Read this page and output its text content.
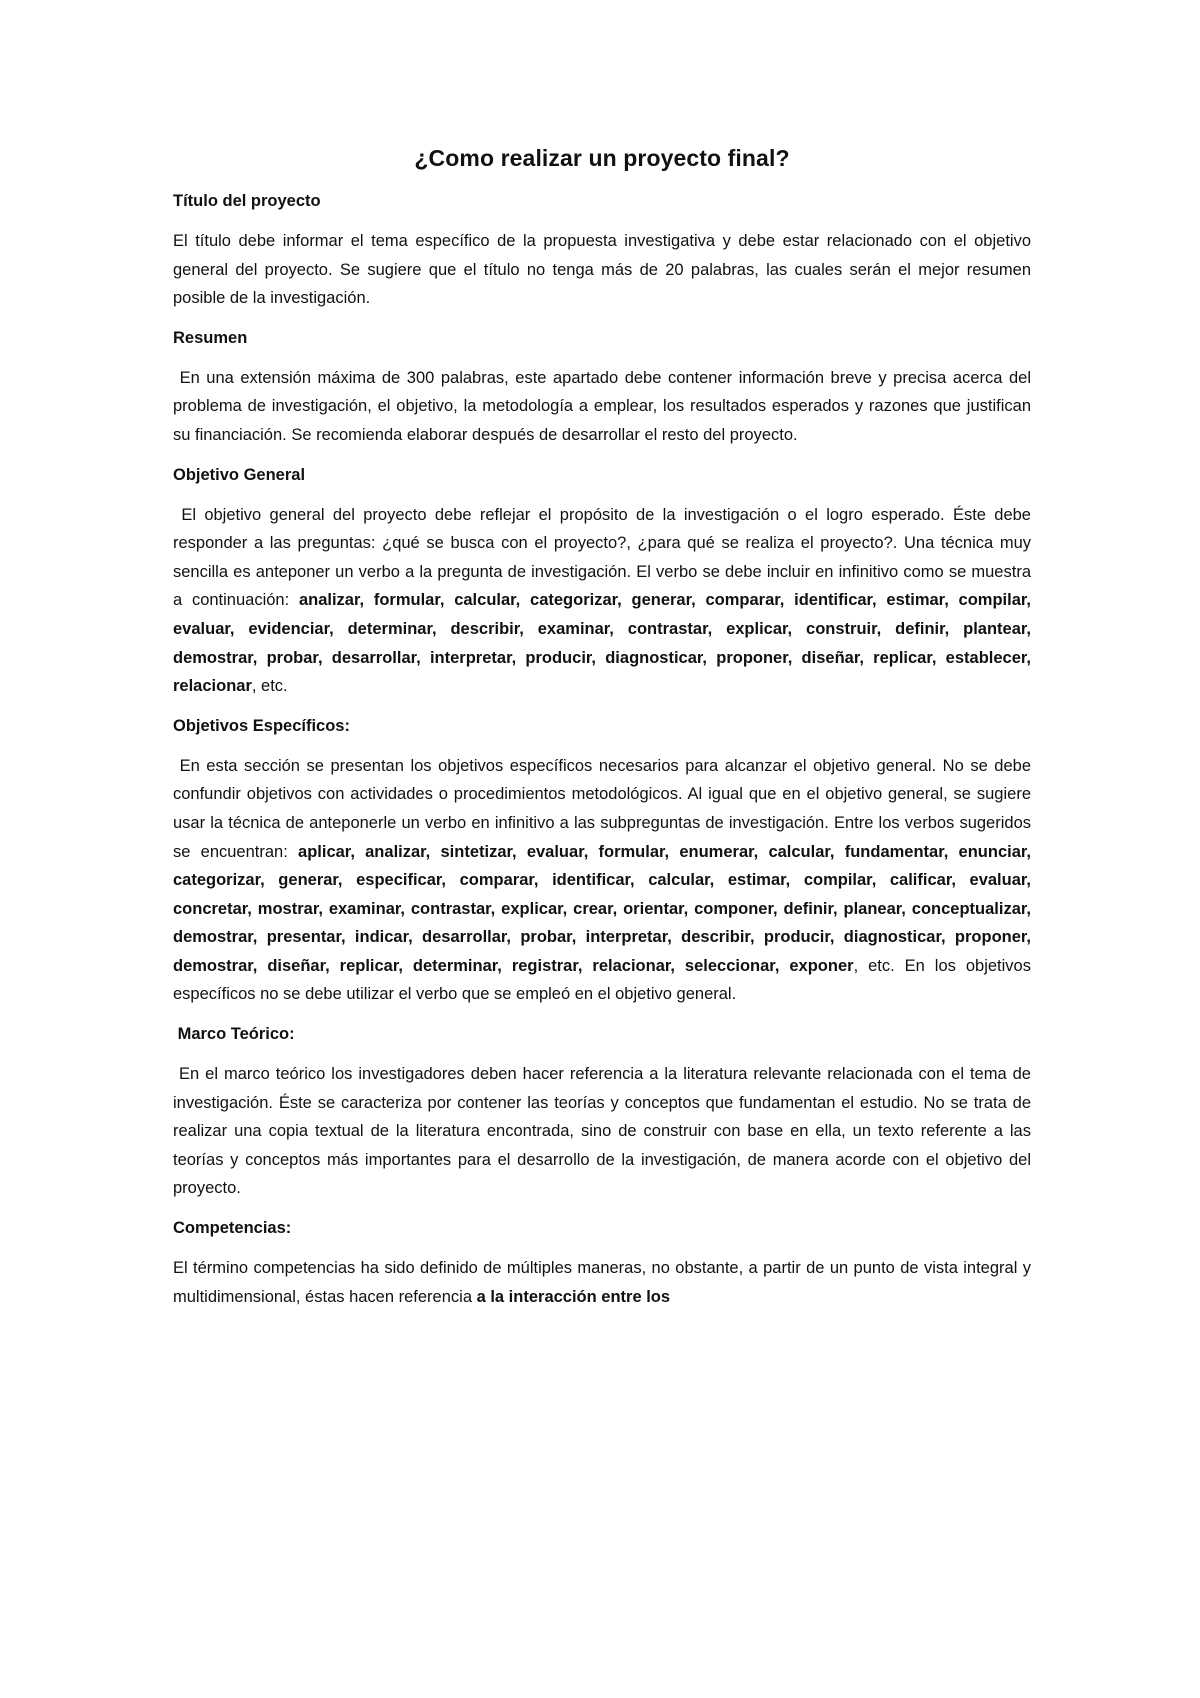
¿Como realizar un proyecto final?
Título del proyecto
El título debe informar el tema específico de la propuesta investigativa y debe estar relacionado con el objetivo general del proyecto. Se sugiere que el título no tenga más de 20 palabras, las cuales serán el mejor resumen posible de la investigación.
Resumen
En una extensión máxima de 300 palabras, este apartado debe contener información breve y precisa acerca del problema de investigación, el objetivo, la metodología a emplear, los resultados esperados y razones que justifican su financiación. Se recomienda elaborar después de desarrollar el resto del proyecto.
Objetivo General
El objetivo general del proyecto debe reflejar el propósito de la investigación o el logro esperado. Éste debe responder a las preguntas: ¿qué se busca con el proyecto?, ¿para qué se realiza el proyecto?. Una técnica muy sencilla es anteponer un verbo a la pregunta de investigación. El verbo se debe incluir en infinitivo como se muestra a continuación: analizar, formular, calcular, categorizar, generar, comparar, identificar, estimar, compilar, evaluar, evidenciar, determinar, describir, examinar, contrastar, explicar, construir, definir, plantear, demostrar, probar, desarrollar, interpretar, producir, diagnosticar, proponer, diseñar, replicar, establecer, relacionar, etc.
Objetivos Específicos:
En esta sección se presentan los objetivos específicos necesarios para alcanzar el objetivo general. No se debe confundir objetivos con actividades o procedimientos metodológicos. Al igual que en el objetivo general, se sugiere usar la técnica de anteponerle un verbo en infinitivo a las subpreguntas de investigación. Entre los verbos sugeridos se encuentran: aplicar, analizar, sintetizar, evaluar, formular, enumerar, calcular, fundamentar, enunciar, categorizar, generar, especificar, comparar, identificar, calcular, estimar, compilar, calificar, evaluar, concretar, mostrar, examinar, contrastar, explicar, crear, orientar, componer, definir, planear, conceptualizar, demostrar, presentar, indicar, desarrollar, probar, interpretar, describir, producir, diagnosticar, proponer, demostrar, diseñar, replicar, determinar, registrar, relacionar, seleccionar, exponer, etc. En los objetivos específicos no se debe utilizar el verbo que se empleó en el objetivo general.
Marco Teórico:
En el marco teórico los investigadores deben hacer referencia a la literatura relevante relacionada con el tema de investigación. Éste se caracteriza por contener las teorías y conceptos que fundamentan el estudio. No se trata de realizar una copia textual de la literatura encontrada, sino de construir con base en ella, un texto referente a las teorías y conceptos más importantes para el desarrollo de la investigación, de manera acorde con el objetivo del proyecto.
Competencias:
El término competencias ha sido definido de múltiples maneras, no obstante, a partir de un punto de vista integral y multidimensional, éstas hacen referencia a la interacción entre los
